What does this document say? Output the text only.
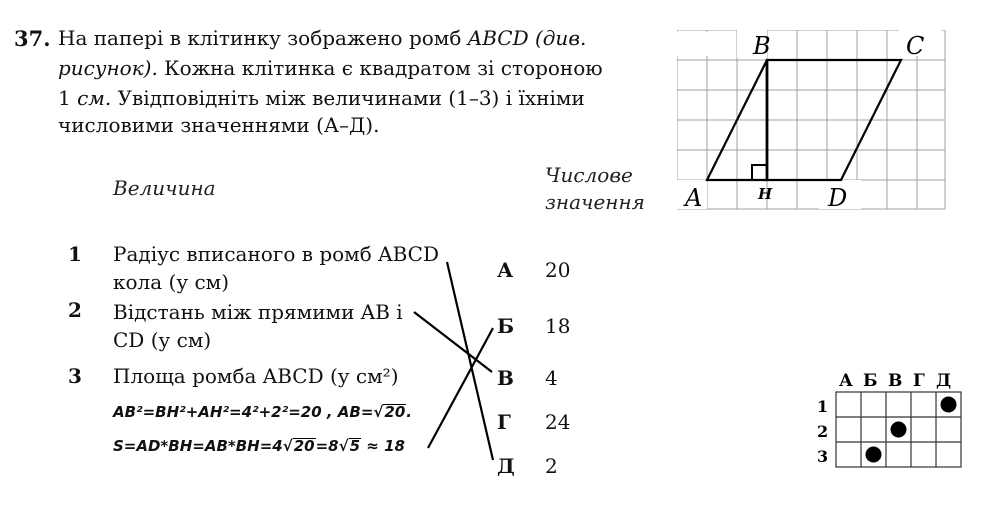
37. На папері в клітинку зображено ромб ABCD (див.
рисунок). Кожна клітинка є квадратом зі стороною
1 см. Увідповідніть між величинами (1–3) і їхніми
числовими значеннями (А–Д).
Величина
Числове
значення
1 Радіус вписаного в ромб ABCD
кола (у см)
2 Відстань між прямими AB і
CD (у см)
3 Площа ромба ABCD (у см²)
А 20
Б 18
В 4
Г 24
Д 2
AB²=BH²+AH²=4²+2²=20 , AB=√20.
S=AD*BH=AB*BH=4√20=8√5 ≈ 18
B	C
A	D
H
А Б В Г Д
1
2
3
